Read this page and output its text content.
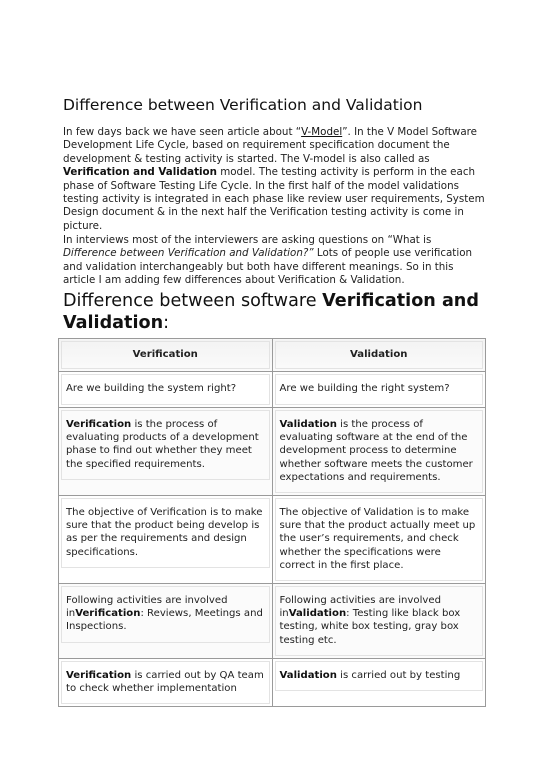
Difference between Verification and Validation

In few days back we have seen article about “V-Model”. In the V Model Software Development Life Cycle, based on requirement specification document the development & testing activity is started. The V-model is also called as Verification and Validation model. The testing activity is perform in the each phase of Software Testing Life Cycle. In the first half of the model validations testing activity is integrated in each phase like review user requirements, System Design document & in the next half the Verification testing activity is come in picture.

In interviews most of the interviewers are asking questions on “What is Difference between Verification and Validation?” Lots of people use verification and validation interchangeably but both have different meanings. So in this article I am adding few differences about Verification & Validation.

Difference between software Verification and Validation:
Verification	Validation

Are we building the system right?	Are we building the right system?

Verification is the process of evaluating products of a development phase to find out whether they meet the specified requirements.	Validation is the process of evaluating software at the end of the development process to determine whether software meets the customer expectations and requirements.

The objective of Verification is to make sure that the product being develop is as per the requirements and design specifications.	The objective of Validation is to make sure that the product actually meet up the user’s requirements, and check whether the specifications were correct in the first place.

Following activities are involved inVerification: Reviews, Meetings and Inspections.	Following activities are involved inValidation: Testing like black box testing, white box testing, gray box testing etc.

Verification is carried out by QA team to check whether implementation	Validation is carried out by testing
